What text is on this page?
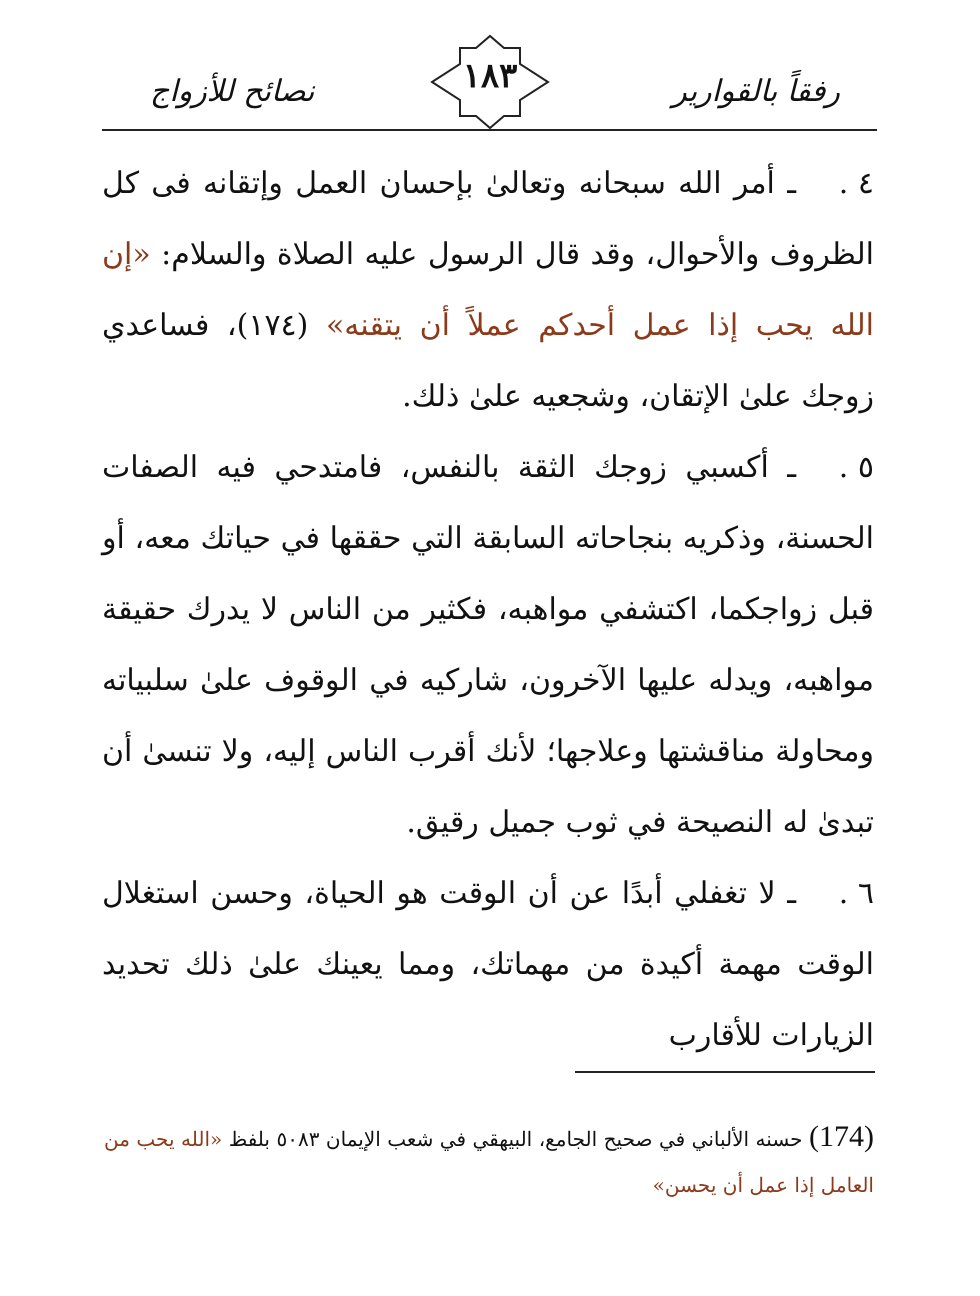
رفقاً بالقوارير
١٨٣
نصائح للأزواج

٤ .ـ أمر الله سبحانه وتعالىٰ بإحسان العمل وإتقانه فى كل الظروف والأحوال، وقد قال الرسول عليه الصلاة والسلام: «إن الله يحب إذا عمل أحدكم عملاً أن يتقنه» (١٧٤)، فساعدي زوجك علىٰ الإتقان، وشجعيه علىٰ ذلك.

٥ .ـ أكسبي زوجك الثقة بالنفس، فامتدحي فيه الصفات الحسنة، وذكريه بنجاحاته السابقة التي حققها في حياتك معه، أو قبل زواجكما، اكتشفي مواهبه، فكثير من الناس لا يدرك حقيقة مواهبه، ويدله عليها الآخرون، شاركيه في الوقوف علىٰ سلبياته ومحاولة مناقشتها وعلاجها؛ لأنك أقرب الناس إليه، ولا تنسىٰ أن تبدىٰ له النصيحة في ثوب جميل رقيق.

٦ .ـ لا تغفلي أبدًا عن أن الوقت هو الحياة، وحسن استغلال الوقت مهمة أكيدة من مهماتك، ومما يعينك علىٰ ذلك تحديد الزيارات للأقارب

(174) حسنه الألباني في صحيح الجامع، البيهقي في شعب الإيمان ٥٠٨٣ بلفظ «الله يحب من العامل إذا عمل أن يحسن»
